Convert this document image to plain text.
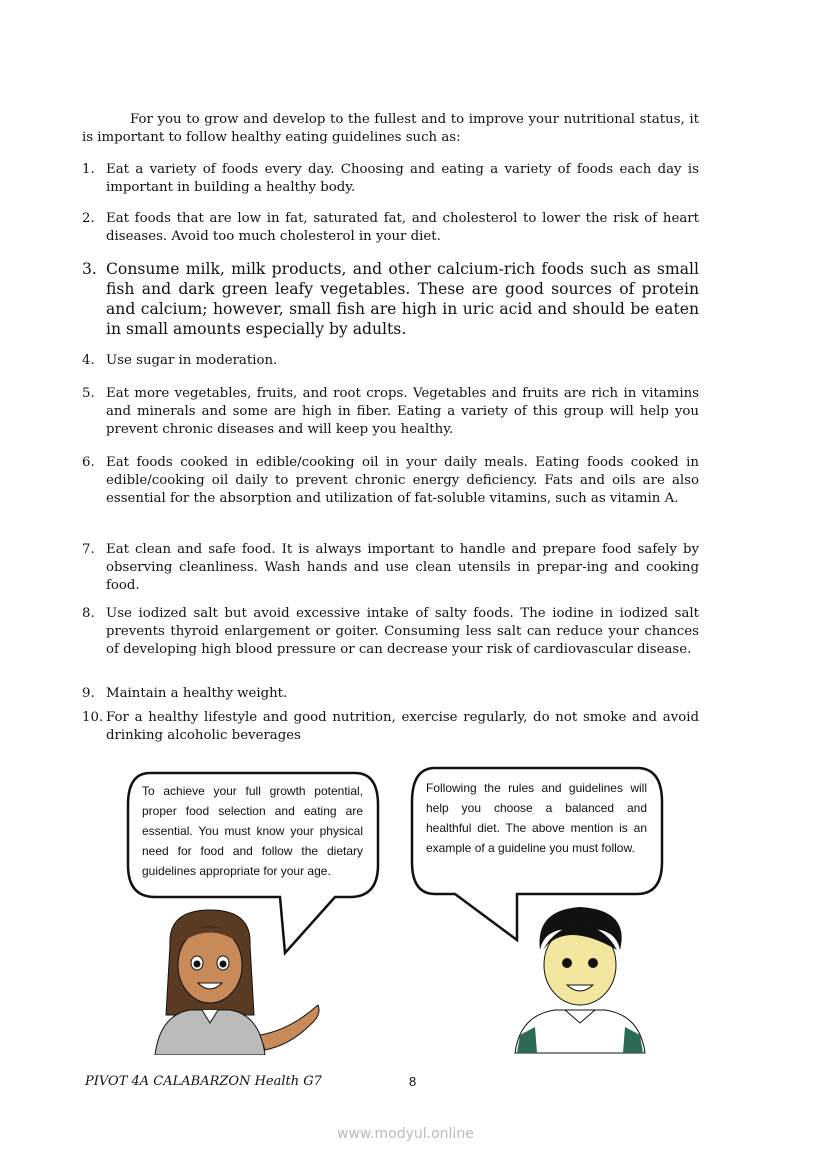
For you to grow and develop to the fullest and to improve your nutritional status, it is important to follow healthy eating guidelines such as:
1. Eat a variety of foods every day. Choosing and eating a variety of foods each day is important in building a healthy body.
2. Eat foods that are low in fat, saturated fat, and cholesterol to lower the risk of heart diseases. Avoid too much cholesterol in your diet.
3. Consume milk, milk products, and other calcium-rich foods such as small fish and dark green leafy vegetables. These are good sources of protein and calcium; however, small fish are high in uric acid and should be eaten in small amounts especially by adults.
4. Use sugar in moderation.
5. Eat more vegetables, fruits, and root crops. Vegetables and fruits are rich in vitamins and minerals and some are high in fiber. Eating a variety of this group will help you prevent chronic diseases and will keep you healthy.
6. Eat foods cooked in edible/cooking oil in your daily meals. Eating foods cooked in edible/cooking oil daily to prevent chronic energy deficiency. Fats and oils are also essential for the absorption and utilization of fat-soluble vitamins, such as vitamin A.
7. Eat clean and safe food. It is always important to handle and prepare food safely by observing cleanliness. Wash hands and use clean utensils in prepar-ing and cooking food.
8. Use iodized salt but avoid excessive intake of salty foods. The iodine in iodized salt prevents thyroid enlargement or goiter. Consuming less salt can reduce your chances of developing high blood pressure or can decrease your risk of cardiovascular disease.
9. Maintain a healthy weight.
10. For a healthy lifestyle and good nutrition, exercise regularly, do not smoke and avoid drinking alcoholic beverages
To achieve your full growth potential, proper food selection and eating are essential. You must know your physical need for food and follow the dietary guidelines appropriate for your age.
Following the rules and guidelines will help you choose a balanced and healthful diet. The above mention is an example of a guideline you must follow.
PIVOT 4A CALABARZON Health G7	8
www.modyul.online
